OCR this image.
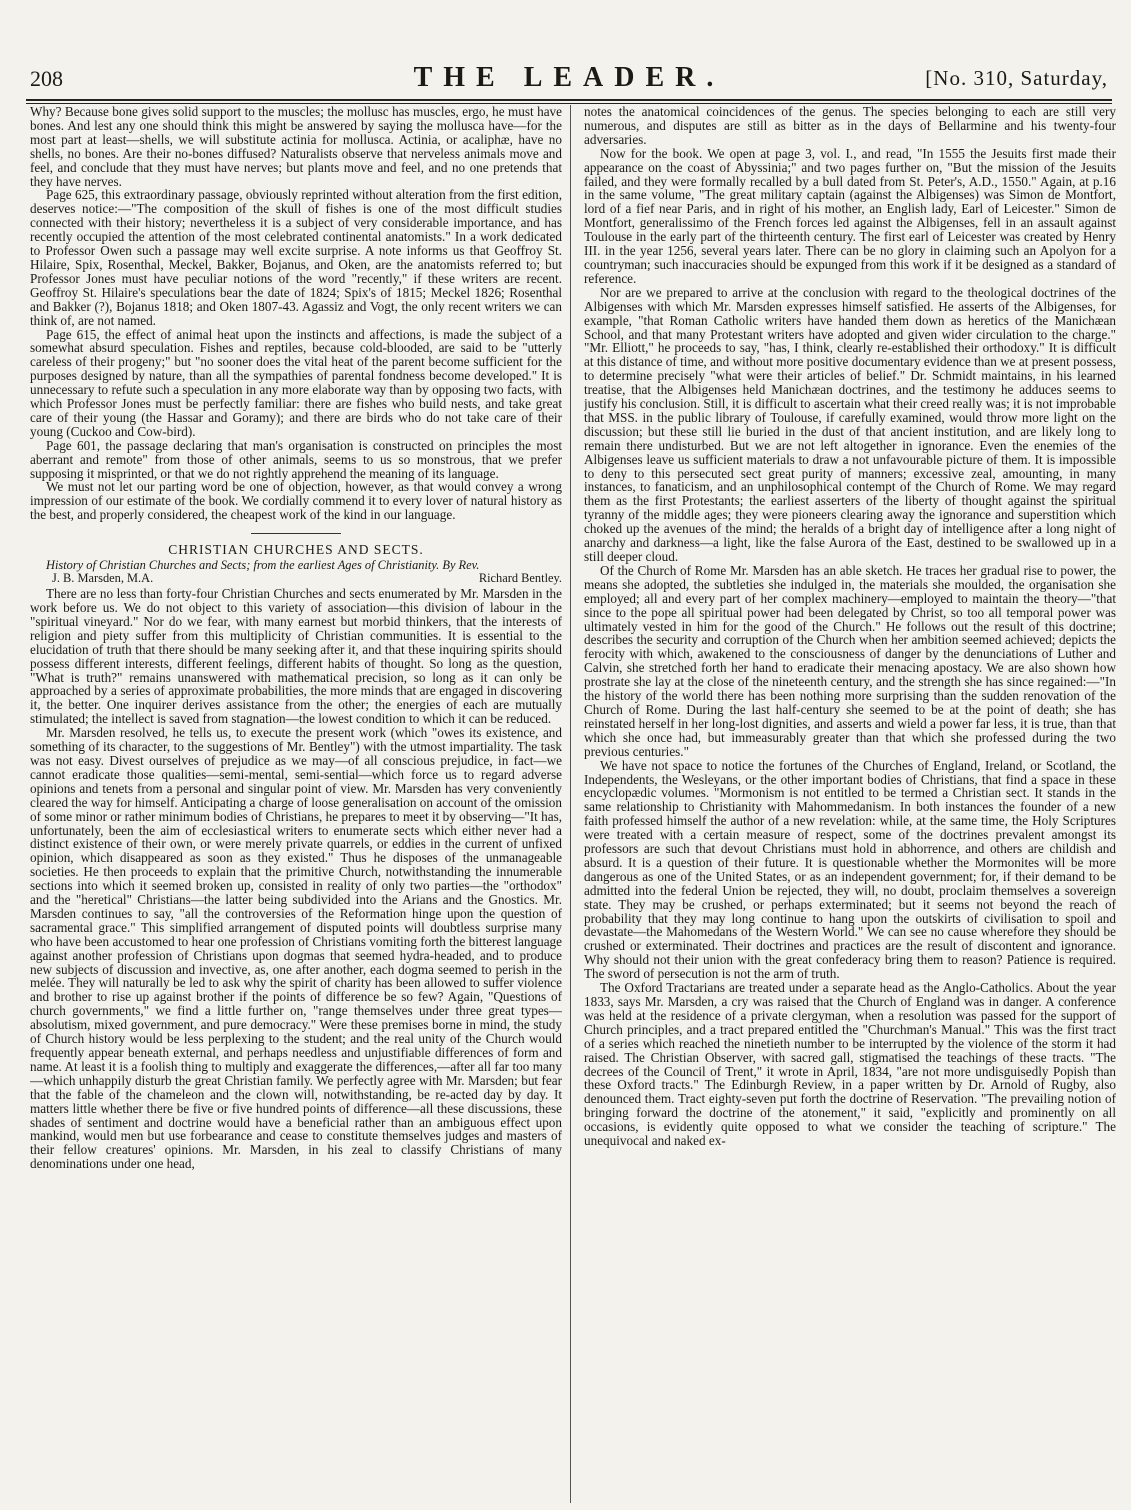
208	THE LEADER.	[No. 310, Saturday,

Why? Because bone gives solid support to the muscles; the mollusc has muscles, ergo, he must have bones. And lest any one should think this might be answered by saying the mollusca have—for the most part at least—shells, we will substitute actinia for mollusca. Actinia, or acaliphæ, have no shells, no bones. Are their no-bones diffused? Naturalists observe that nerveless animals move and feel, and conclude that they must have nerves; but plants move and feel, and no one pretends that they have nerves.

Page 625, this extraordinary passage, obviously reprinted without alteration from the first edition, deserves notice:—"The composition of the skull of fishes is one of the most difficult studies connected with their history; nevertheless it is a subject of very considerable importance, and has recently occupied the attention of the most celebrated continental anatomists." In a work dedicated to Professor Owen such a passage may well excite surprise. A note informs us that Geoffroy St. Hilaire, Spix, Rosenthal, Meckel, Bakker, Bojanus, and Oken, are the anatomists referred to; but Professor Jones must have peculiar notions of the word "recently," if these writers are recent. Geoffroy St. Hilaire's speculations bear the date of 1824; Spix's of 1815; Meckel 1826; Rosenthal and Bakker (?), Bojanus 1818; and Oken 1807-43. Agassiz and Vogt, the only recent writers we can think of, are not named.

Page 615, the effect of animal heat upon the instincts and affections, is made the subject of a somewhat absurd speculation. Fishes and reptiles, because cold-blooded, are said to be "utterly careless of their progeny;" but "no sooner does the vital heat of the parent become sufficient for the purposes designed by nature, than all the sympathies of parental fondness become developed." It is unnecessary to refute such a speculation in any more elaborate way than by opposing two facts, with which Professor Jones must be perfectly familiar: there are fishes who build nests, and take great care of their young (the Hassar and Goramy); and there are birds who do not take care of their young (Cuckoo and Cow-bird).

Page 601, the passage declaring that man's organisation is constructed on principles the most aberrant and remote" from those of other animals, seems to us so monstrous, that we prefer supposing it misprinted, or that we do not rightly apprehend the meaning of its language.

We must not let our parting word be one of objection, however, as that would convey a wrong impression of our estimate of the book. We cordially commend it to every lover of natural history as the best, and properly considered, the cheapest work of the kind in our language.

CHRISTIAN CHURCHES AND SECTS.

History of Christian Churches and Sects; from the earliest Ages of Christianity. By Rev.

J. B. Marsden, M.A.	Richard Bentley.

There are no less than forty-four Christian Churches and sects enumerated by Mr. Marsden in the work before us. We do not object to this variety of association—this division of labour in the "spiritual vineyard." Nor do we fear, with many earnest but morbid thinkers, that the interests of religion and piety suffer from this multiplicity of Christian communities. It is essential to the elucidation of truth that there should be many seeking after it, and that these inquiring spirits should possess different interests, different feelings, different habits of thought. So long as the question, "What is truth?" remains unanswered with mathematical precision, so long as it can only be approached by a series of approximate probabilities, the more minds that are engaged in discovering it, the better. One inquirer derives assistance from the other; the energies of each are mutually stimulated; the intellect is saved from stagnation—the lowest condition to which it can be reduced.

Mr. Marsden resolved, he tells us, to execute the present work (which "owes its existence, and something of its character, to the suggestions of Mr. Bentley") with the utmost impartiality. The task was not easy. Divest ourselves of prejudice as we may—of all conscious prejudice, in fact—we cannot eradicate those qualities—semi-mental, semi-sential—which force us to regard adverse opinions and tenets from a personal and singular point of view. Mr. Marsden has very conveniently cleared the way for himself. Anticipating a charge of loose generalisation on account of the omission of some minor or rather minimum bodies of Christians, he prepares to meet it by observing—"It has, unfortunately, been the aim of ecclesiastical writers to enumerate sects which either never had a distinct existence of their own, or were merely private quarrels, or eddies in the current of unfixed opinion, which disappeared as soon as they existed." Thus he disposes of the unmanageable societies. He then proceeds to explain that the primitive Church, notwithstanding the innumerable sections into which it seemed broken up, consisted in reality of only two parties—the "orthodox" and the "heretical" Christians—the latter being subdivided into the Arians and the Gnostics. Mr. Marsden continues to say, "all the controversies of the Reformation hinge upon the question of sacramental grace." This simplified arrangement of disputed points will doubtless surprise many who have been accustomed to hear one profession of Christians vomiting forth the bitterest language against another profession of Christians upon dogmas that seemed hydra-headed, and to produce new subjects of discussion and invective, as, one after another, each dogma seemed to perish in the melée. They will naturally be led to ask why the spirit of charity has been allowed to suffer violence and brother to rise up against brother if the points of difference be so few? Again, "Questions of church governments," we find a little further on, "range themselves under three great types—absolutism, mixed government, and pure democracy." Were these premises borne in mind, the study of Church history would be less perplexing to the student; and the real unity of the Church would frequently appear beneath external, and perhaps needless and unjustifiable differences of form and name. At least it is a foolish thing to multiply and exaggerate the differences,—after all far too many—which unhappily disturb the great Christian family. We perfectly agree with Mr. Marsden; but fear that the fable of the chameleon and the clown will, notwithstanding, be re-acted day by day. It matters little whether there be five or five hundred points of difference—all these discussions, these shades of sentiment and doctrine would have a beneficial rather than an ambiguous effect upon mankind, would men but use forbearance and cease to constitute themselves judges and masters of their fellow creatures' opinions. Mr. Marsden, in his zeal to classify Christians of many denominations under one head,

notes the anatomical coincidences of the genus. The species belonging to each are still very numerous, and disputes are still as bitter as in the days of Bellarmine and his twenty-four adversaries.

Now for the book. We open at page 3, vol. I., and read, "In 1555 the Jesuits first made their appearance on the coast of Abyssinia;" and two pages further on, "But the mission of the Jesuits failed, and they were formally recalled by a bull dated from St. Peter's, A.D., 1550." Again, at p.16 in the same volume, "The great military captain (against the Albigenses) was Simon de Montfort, lord of a fief near Paris, and in right of his mother, an English lady, Earl of Leicester." Simon de Montfort, generalissimo of the French forces led against the Albigenses, fell in an assault against Toulouse in the early part of the thirteenth century. The first earl of Leicester was created by Henry III. in the year 1256, several years later. There can be no glory in claiming such an Apolyon for a countryman; such inaccuracies should be expunged from this work if it be designed as a standard of reference.

Nor are we prepared to arrive at the conclusion with regard to the theological doctrines of the Albigenses with which Mr. Marsden expresses himself satisfied. He asserts of the Albigenses, for example, "that Roman Catholic writers have handed them down as heretics of the Manichæan School, and that many Protestant writers have adopted and given wider circulation to the charge." "Mr. Elliott," he proceeds to say, "has, I think, clearly re-established their orthodoxy." It is difficult at this distance of time, and without more positive documentary evidence than we at present possess, to determine precisely "what were their articles of belief." Dr. Schmidt maintains, in his learned treatise, that the Albigenses held Manichæan doctrines, and the testimony he adduces seems to justify his conclusion. Still, it is difficult to ascertain what their creed really was; it is not improbable that MSS. in the public library of Toulouse, if carefully examined, would throw more light on the discussion; but these still lie buried in the dust of that ancient institution, and are likely long to remain there undisturbed. But we are not left altogether in ignorance. Even the enemies of the Albigenses leave us sufficient materials to draw a not unfavourable picture of them. It is impossible to deny to this persecuted sect great purity of manners; excessive zeal, amounting, in many instances, to fanaticism, and an unphilosophical contempt of the Church of Rome. We may regard them as the first Protestants; the earliest asserters of the liberty of thought against the spiritual tyranny of the middle ages; they were pioneers clearing away the ignorance and superstition which choked up the avenues of the mind; the heralds of a bright day of intelligence after a long night of anarchy and darkness—a light, like the false Aurora of the East, destined to be swallowed up in a still deeper cloud.

Of the Church of Rome Mr. Marsden has an able sketch. He traces her gradual rise to power, the means she adopted, the subtleties she indulged in, the materials she moulded, the organisation she employed; all and every part of her complex machinery—employed to maintain the theory—"that since to the pope all spiritual power had been delegated by Christ, so too all temporal power was ultimately vested in him for the good of the Church." He follows out the result of this doctrine; describes the security and corruption of the Church when her ambition seemed achieved; depicts the ferocity with which, awakened to the consciousness of danger by the denunciations of Luther and Calvin, she stretched forth her hand to eradicate their menacing apostacy. We are also shown how prostrate she lay at the close of the nineteenth century, and the strength she has since regained:—"In the history of the world there has been nothing more surprising than the sudden renovation of the Church of Rome. During the last half-century she seemed to be at the point of death; she has reinstated herself in her long-lost dignities, and asserts and wield a power far less, it is true, than that which she once had, but immeasurably greater than that which she professed during the two previous centuries."

We have not space to notice the fortunes of the Churches of England, Ireland, or Scotland, the Independents, the Wesleyans, or the other important bodies of Christians, that find a space in these encyclopædic volumes. "Mormonism is not entitled to be termed a Christian sect. It stands in the same relationship to Christianity with Mahommedanism. In both instances the founder of a new faith professed himself the author of a new revelation: while, at the same time, the Holy Scriptures were treated with a certain measure of respect, some of the doctrines prevalent amongst its professors are such that devout Christians must hold in abhorrence, and others are childish and absurd. It is a question of their future. It is questionable whether the Mormonites will be more dangerous as one of the United States, or as an independent government; for, if their demand to be admitted into the federal Union be rejected, they will, no doubt, proclaim themselves a sovereign state. They may be crushed, or perhaps exterminated; but it seems not beyond the reach of probability that they may long continue to hang upon the outskirts of civilisation to spoil and devastate—the Mahomedans of the Western World." We can see no cause wherefore they should be crushed or exterminated. Their doctrines and practices are the result of discontent and ignorance. Why should not their union with the great confederacy bring them to reason? Patience is required. The sword of persecution is not the arm of truth.

The Oxford Tractarians are treated under a separate head as the Anglo-Catholics. About the year 1833, says Mr. Marsden, a cry was raised that the Church of England was in danger. A conference was held at the residence of a private clergyman, when a resolution was passed for the support of Church principles, and a tract prepared entitled the "Churchman's Manual." This was the first tract of a series which reached the ninetieth number to be interrupted by the violence of the storm it had raised. The Christian Observer, with sacred gall, stigmatised the teachings of these tracts. "The decrees of the Council of Trent," it wrote in April, 1834, "are not more undisguisedly Popish than these Oxford tracts." The Edinburgh Review, in a paper written by Dr. Arnold of Rugby, also denounced them. Tract eighty-seven put forth the doctrine of Reservation. "The prevailing notion of bringing forward the doctrine of the atonement," it said, "explicitly and prominently on all occasions, is evidently quite opposed to what we consider the teaching of scripture." The unequivocal and naked ex-
